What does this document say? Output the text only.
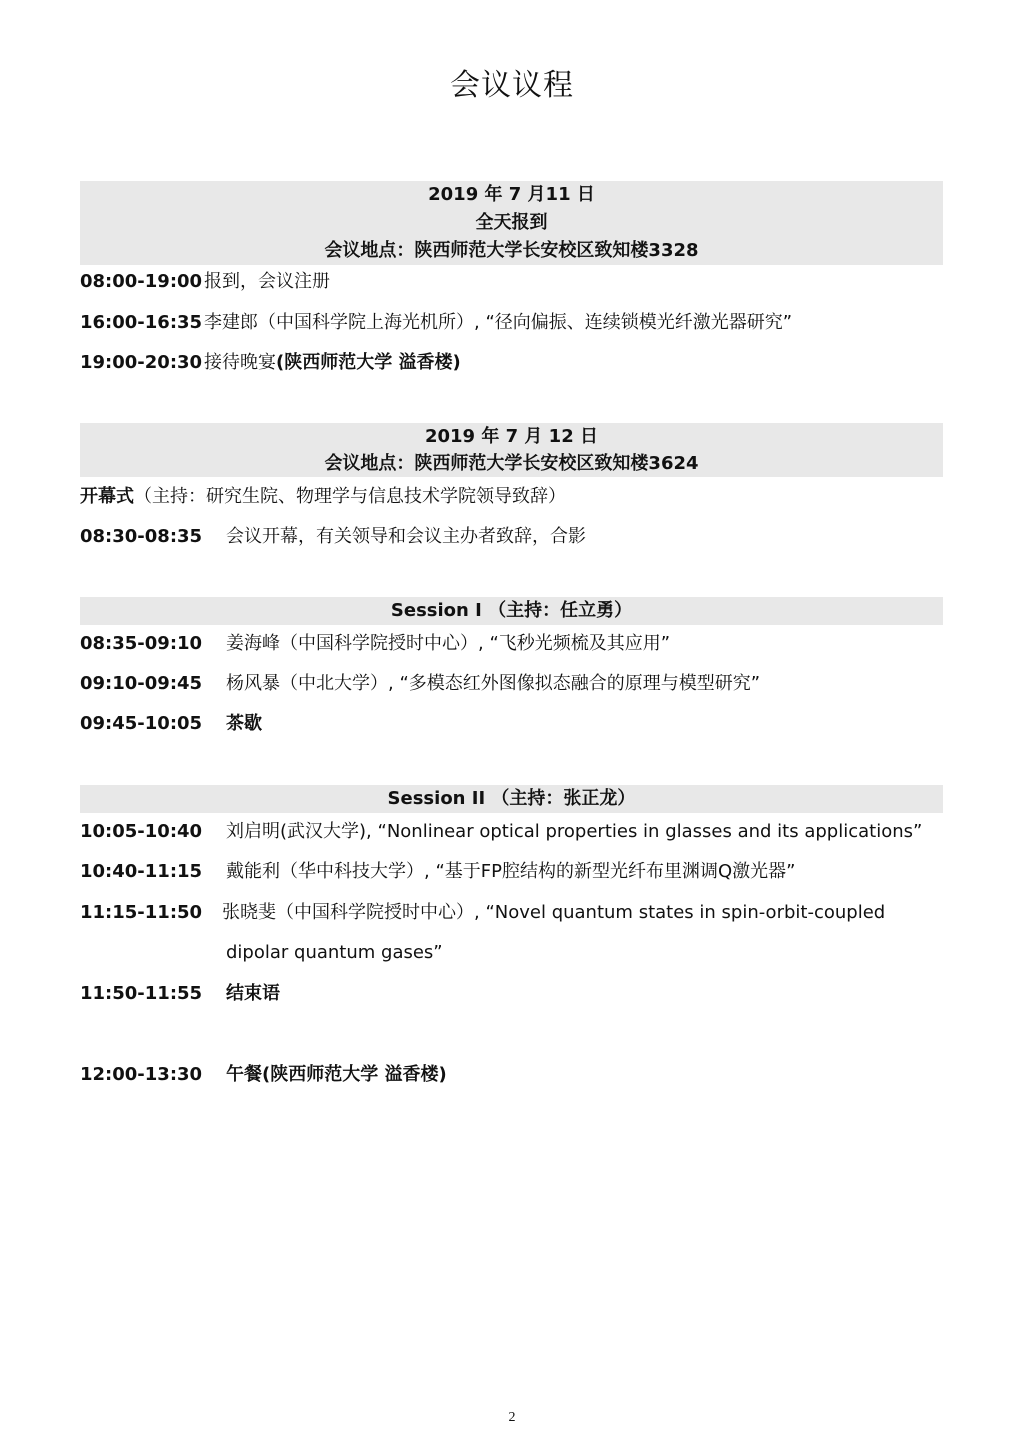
会议议程
2019 年 7 月11 日
全天报到
会议地点：陕西师范大学长安校区致知楼3328
08:00-19:00 报到，会议注册
16:00-16:35 李建郎（中国科学院上海光机所）, “径向偏振、连续锁模光纤激光器研究”
19:00-20:30 接待晚宴(陕西师范大学 溢香楼)
2019 年 7 月 12 日
会议地点：陕西师范大学长安校区致知楼3624
开幕式（主持：研究生院、物理学与信息技术学院领导致辞）
08:30-08:35 会议开幕，有关领导和会议主办者致辞，合影
Session I （主持：任立勇）
08:35-09:10 姜海峰（中国科学院授时中心）, “飞秒光频梳及其应用”
09:10-09:45 杨风暴（中北大学）, “多模态红外图像拟态融合的原理与模型研究”
09:45-10:05 茶歇
Session II （主持：张正龙）
10:05-10:40 刘启明(武汉大学), “Nonlinear optical properties in glasses and its applications”
10:40-11:15 戴能利（华中科技大学）, “基于FP腔结构的新型光纤布里渊调Q激光器”
11:15-11:50 张晓斐（中国科学院授时中心）, “Novel quantum states in spin-orbit-coupled
dipolar quantum gases”
11:50-11:55 结束语
12:00-13:30 午餐(陕西师范大学 溢香楼)
2
